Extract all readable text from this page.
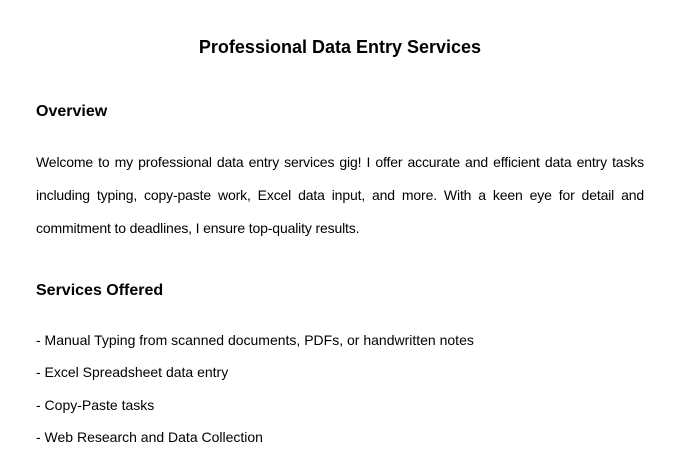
Professional Data Entry Services
Overview

Welcome to my professional data entry services gig! I offer accurate and efficient data entry tasks including typing, copy-paste work, Excel data input, and more. With a keen eye for detail and commitment to deadlines, I ensure top-quality results.

Services Offered

- Manual Typing from scanned documents, PDFs, or handwritten notes

- Excel Spreadsheet data entry

- Copy-Paste tasks

- Web Research and Data Collection
